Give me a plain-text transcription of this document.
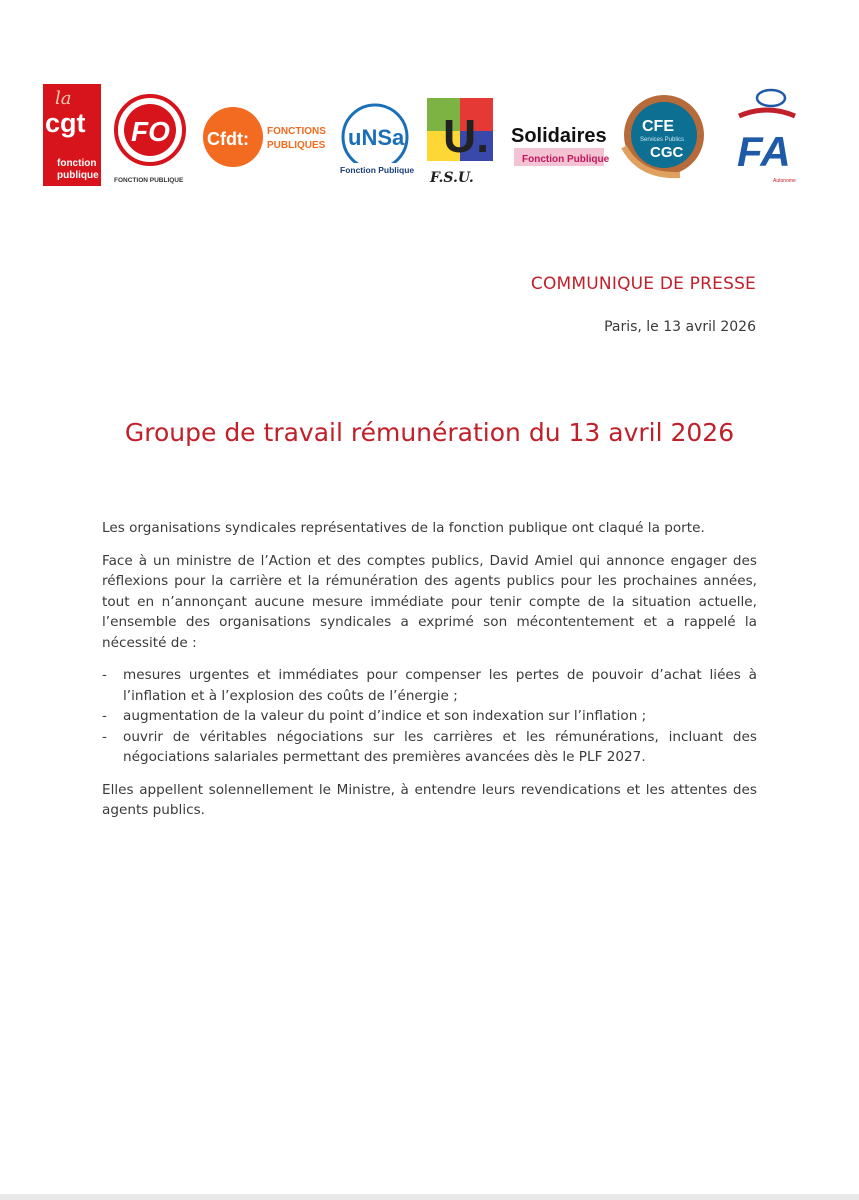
la
cgt
fonction
publique
FO
FONCTION PUBLIQUE
Cfdt: FONCTIONS
PUBLIQUES uNSa
Fonction Publique
U.
F.S.U.
Solidaires
Fonction Publique
CFE
Services Publics
CGC FA
Autonome
COMMUNIQUE DE PRESSE
Paris, le 13 avril 2026
Groupe de travail rémunération du 13 avril 2026

Les organisations syndicales représentatives de la fonction publique ont claqué la porte.

Face à un ministre de l’Action et des comptes publics, David Amiel qui annonce engager des réflexions pour la carrière et la rémunération des agents publics pour les prochaines années, tout en n’annonçant aucune mesure immédiate pour tenir compte de la situation actuelle, l’ensemble des organisations syndicales a exprimé son mécontentement et a rappelé la nécessité de :

- mesures urgentes et immédiates pour compenser les pertes de pouvoir d’achat liées à l’inflation et à l’explosion des coûts de l’énergie ;
- augmentation de la valeur du point d’indice et son indexation sur l’inflation ;
- ouvrir de véritables négociations sur les carrières et les rémunérations, incluant des négociations salariales permettant des premières avancées dès le PLF 2027.

Elles appellent solennellement le Ministre, à entendre leurs revendications et les attentes des agents publics.
